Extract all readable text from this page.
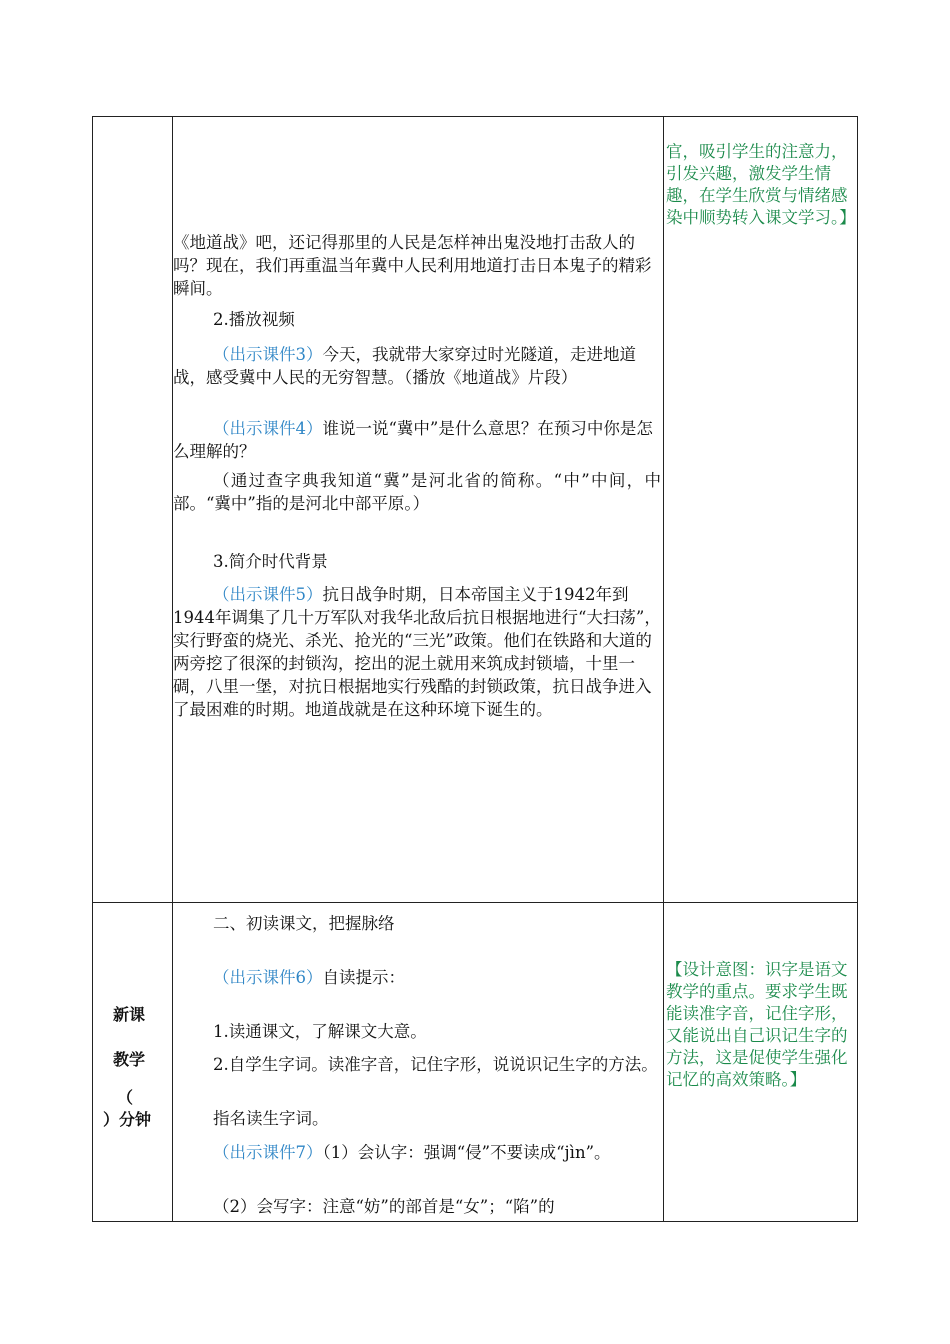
《地道战》吧，还记得那里的人民是怎样神出鬼没地打击敌人的吗？现在，我们再重温当年冀中人民利用地道打击日本鬼子的精彩瞬间。

2.播放视频

（出示课件3）今天，我就带大家穿过时光隧道，走进地道战，感受冀中人民的无穷智慧。（播放《地道战》片段）

（出示课件4）谁说一说“冀中”是什么意思？在预习中你是怎么理解的？

（通过查字典我知道“冀”是河北省的简称。“中”中间，中部。“冀中”指的是河北中部平原。）

3.简介时代背景

（出示课件5）抗日战争时期，日本帝国主义于1942年到1944年调集了几十万军队对我华北敌后抗日根据地进行“大扫荡”，实行野蛮的烧光、杀光、抢光的“三光”政策。他们在铁路和大道的两旁挖了很深的封锁沟，挖出的泥土就用来筑成封锁墙，十里一碉，八里一堡，对抗日根据地实行残酷的封锁政策，抗日战争进入了最困难的时期。地道战就是在这种环境下诞生的。

官，吸引学生的注意力，引发兴趣，激发学生情趣，在学生欣赏与情绪感染中顺势转入课文学习。】

新课
教学
（
）分钟

二、初读课文，把握脉络

（出示课件6）自读提示：

1.读通课文，了解课文大意。

2.自学生字词。读准字音，记住字形，说说识记生字的方法。

指名读生字词。

（出示课件7）（1）会认字：强调“侵”不要读成“jìn”。

（2）会写字：注意“妨”的部首是“女”；“陷”的

【设计意图：识字是语文教学的重点。要求学生既能读准字音，记住字形，又能说出自己识记生字的方法，这是促使学生强化记忆的高效策略。】
